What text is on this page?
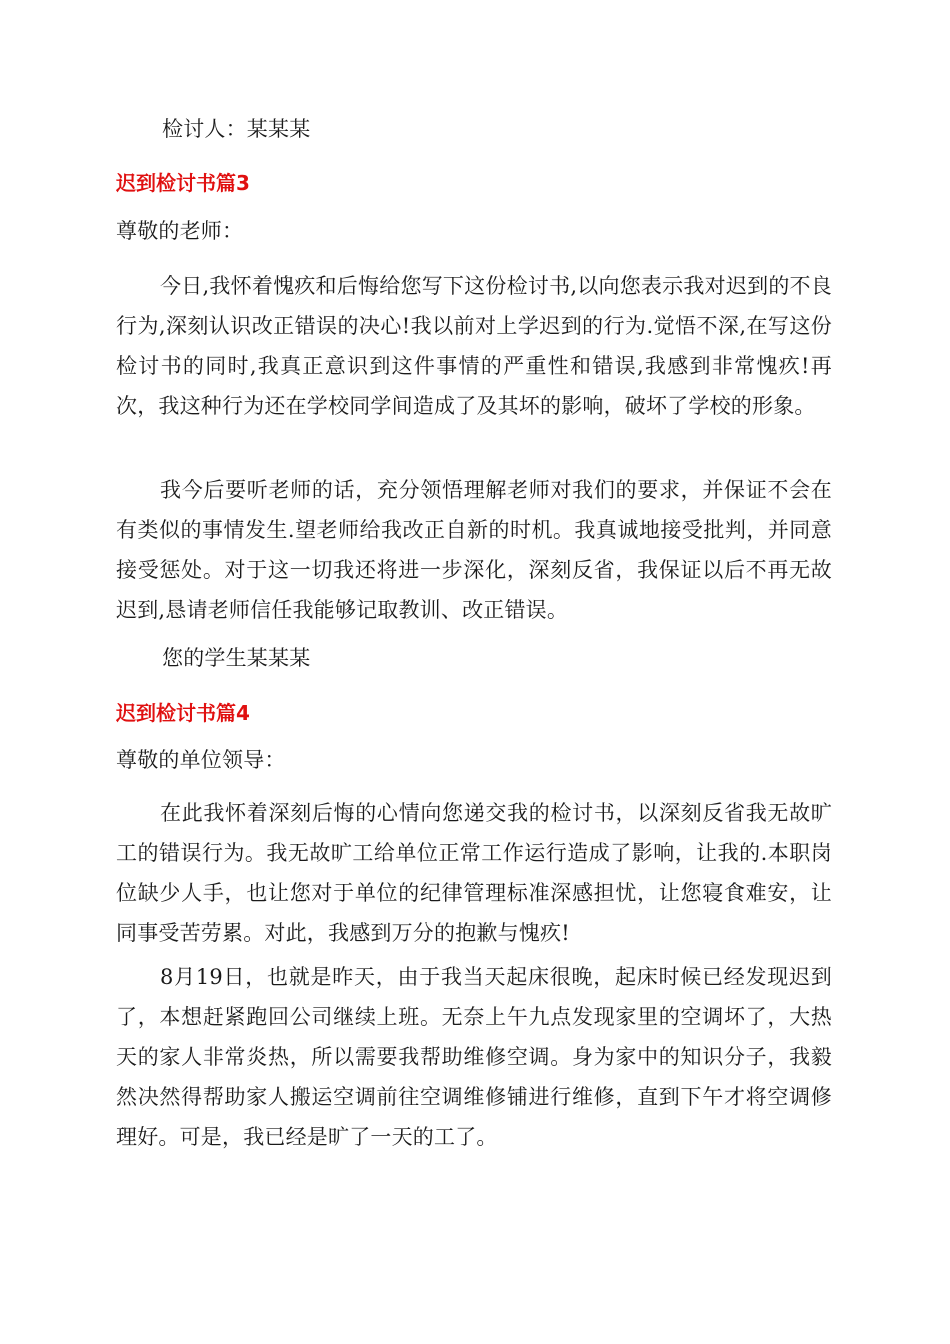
检讨人：某某某
迟到检讨书篇3
尊敬的老师：
今日,我怀着愧疚和后悔给您写下这份检讨书,以向您表示我对迟到的不良行为,深刻认识改正错误的决心!我以前对上学迟到的行为.觉悟不深,在写这份检讨书的同时,我真正意识到这件事情的严重性和错误,我感到非常愧疚!再次，我这种行为还在学校同学间造成了及其坏的影响，破坏了学校的形象。
我今后要听老师的话，充分领悟理解老师对我们的要求，并保证不会在有类似的事情发生.望老师给我改正自新的时机。我真诚地接受批判，并同意接受惩处。对于这一切我还将进一步深化，深刻反省，我保证以后不再无故迟到,恳请老师信任我能够记取教训、改正错误。
您的学生某某某
迟到检讨书篇4
尊敬的单位领导：
在此我怀着深刻后悔的心情向您递交我的检讨书，以深刻反省我无故旷工的错误行为。我无故旷工给单位正常工作运行造成了影响，让我的.本职岗位缺少人手，也让您对于单位的纪律管理标准深感担忧，让您寝食难安，让同事受苦劳累。对此，我感到万分的抱歉与愧疚!
8月19日，也就是昨天，由于我当天起床很晚，起床时候已经发现迟到了，本想赶紧跑回公司继续上班。无奈上午九点发现家里的空调坏了，大热天的家人非常炎热，所以需要我帮助维修空调。身为家中的知识分子，我毅然决然得帮助家人搬运空调前往空调维修铺进行维修，直到下午才将空调修理好。可是，我已经是旷了一天的工了。
